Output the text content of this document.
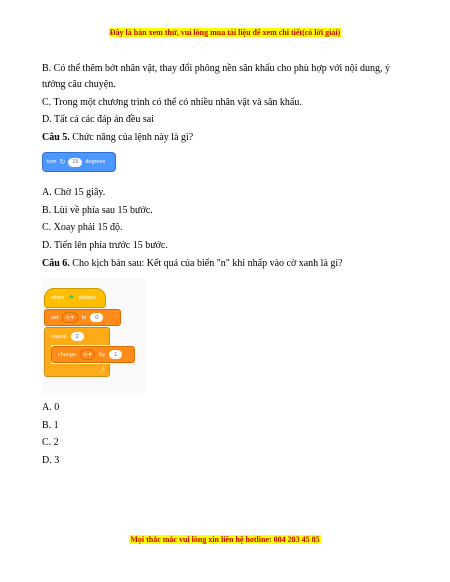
Đây là bản xem thử, vui lòng mua tài liệu để xem chi tiết(có lời giải)
B. Có thể thêm bớt nhân vật, thay đổi phông nền sân khấu cho phù hợp với nội dung, ý
tưởng câu chuyện.
C. Trong một chương trình có thể có nhiều nhân vật và sân khấu.
D. Tất cả các đáp án đều sai
Câu 5. Chức năng của lệnh này là gì?
turn ↻	15	degrees
A. Chờ 15 giây.
B. Lùi về phía sau 15 bước.
C. Xoay phải 15 độ.
D. Tiến lên phía trước 15 bước.
Câu 6. Cho kịch bản sau: Kết quả của biến "n" khi nhấp vào cờ xanh là gì?
when ⚑ clicked
set	n ▾	to	0
repeat	2
change	n ▾	by	1
⤴
A. 0
B. 1
C. 2
D. 3
Mọi thắc mắc vui lòng xin liên hệ hotline: 084 283 45 85
